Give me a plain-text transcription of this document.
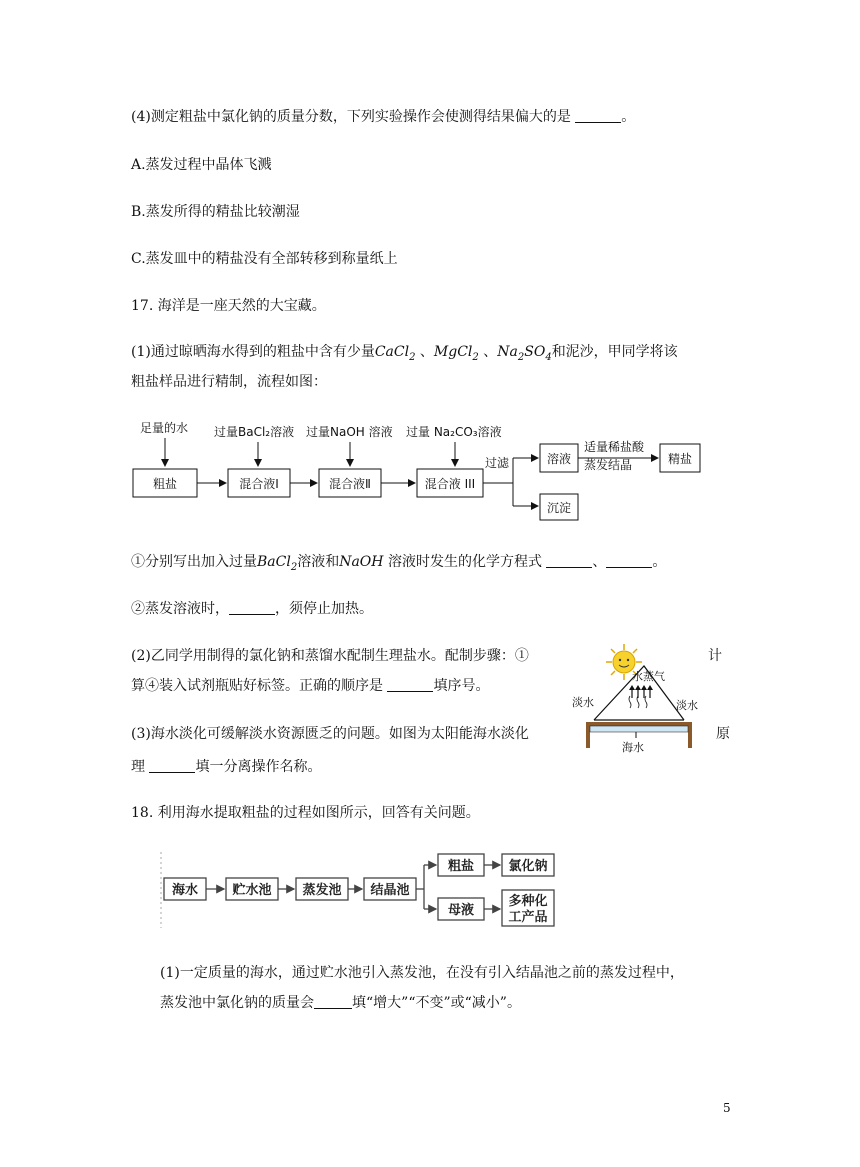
(4)测定粗盐中氯化钠的质量分数，下列实验操作会使测得结果偏大的是	。
A.蒸发过程中晶体飞溅
B.蒸发所得的精盐比较潮湿
C.蒸发皿中的精盐没有全部转移到称量纸上
17. 海洋是一座天然的大宝藏。
(1)通过晾晒海水得到的粗盐中含有少量CaCl$_2$ 、MgCl$_2$ 、$Na_2SO_4$和泥沙，甲同学将该
粗盐样品进行精制，流程如图：
足量的水 过量BaCl₂溶液 过量NaOH 溶液 过量 Na₂CO₃溶液
过滤
适量稀盐酸
蒸发结晶
粗盐	混合液I	混合液Ⅱ	混合液 III
溶液	精盐
沉淀
①分别写出加入过量BaCl$_2$溶液和NaOH 溶液时发生的化学方程式	、	。
②蒸发溶液时，	，须停止加热。
(2)乙同学用制得的氯化钠和蒸馏水配制生理盐水。配制步骤：①	计
算④装入试剂瓶贴好标签。正确的顺序是	填序号。
(3)海水淡化可缓解淡水资源匮乏的问题。如图为太阳能海水淡化	原
理	填一分离操作名称。
淡水
水蒸气
淡水
海水
18. 利用海水提取粗盐的过程如图所示，回答有关问题。
海水	贮水池 蒸发池 结晶池
粗盐	氯化钠
母液
多种化
工产品
(1)一定质量的海水，通过贮水池引入蒸发池，在没有引入结晶池之前的蒸发过程中，
蒸发池中氯化钠的质量会	填“增大”“不变”或“减小”。
5
